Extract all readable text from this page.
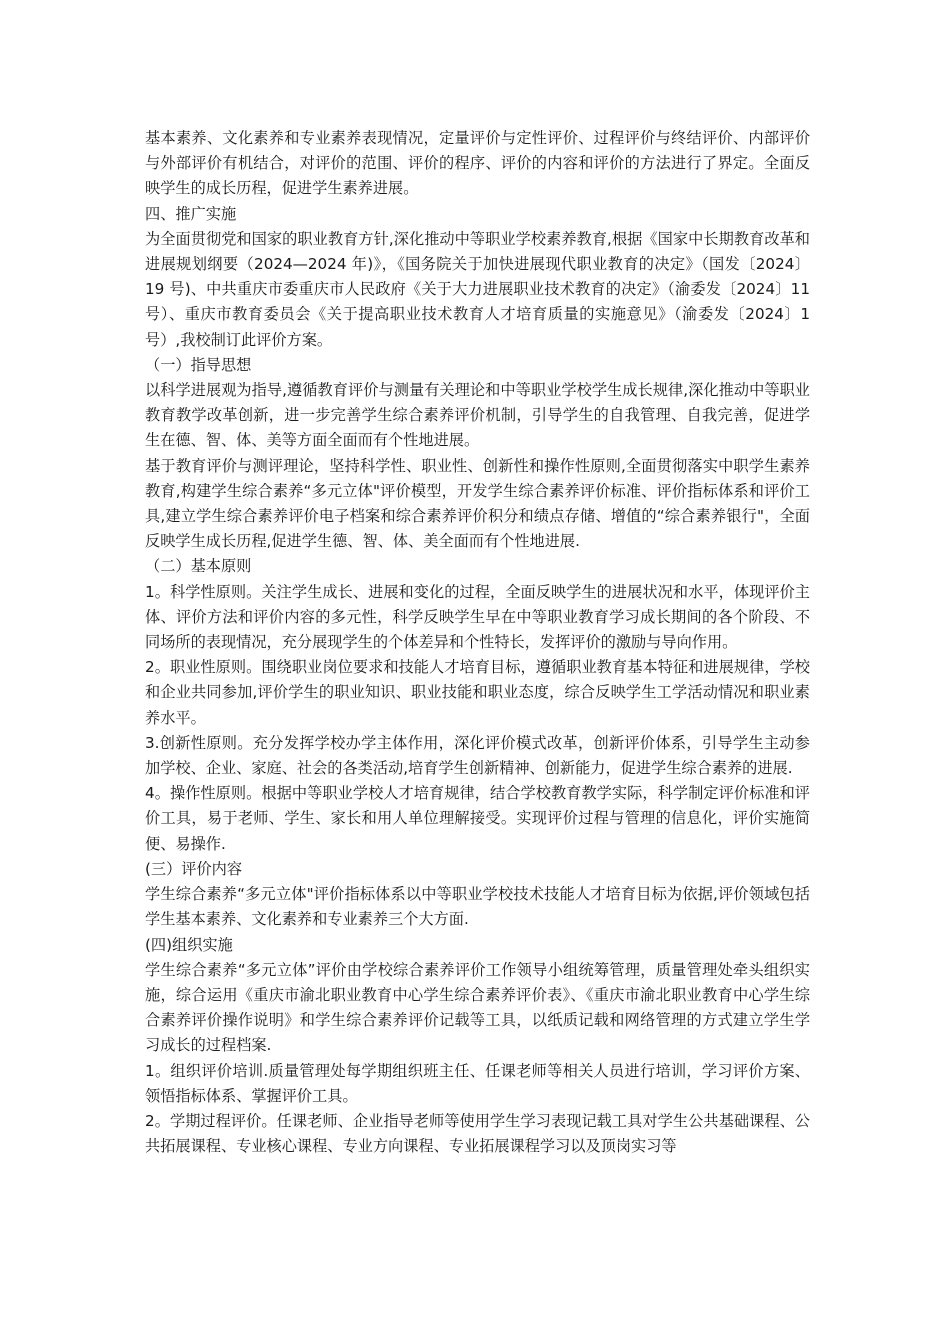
基本素养、文化素养和专业素养表现情况，定量评价与定性评价、过程评价与终结评价、内部评价与外部评价有机结合，对评价的范围、评价的程序、评价的内容和评价的方法进行了界定。全面反映学生的成长历程，促进学生素养进展。

四、推广实施

为全面贯彻党和国家的职业教育方针,深化推动中等职业学校素养教育,根据《国家中长期教育改革和进展规划纲要（2024—2024 年)》，《国务院关于加快进展现代职业教育的决定》（国发〔2024〕19 号)、中共重庆市委重庆市人民政府《关于大力进展职业技术教育的决定》（渝委发〔2024〕11 号）、重庆市教育委员会《关于提高职业技术教育人才培育质量的实施意见》（渝委发〔2024〕1 号）,我校制订此评价方案。

（一）指导思想

以科学进展观为指导,遵循教育评价与测量有关理论和中等职业学校学生成长规律,深化推动中等职业教育教学改革创新，进一步完善学生综合素养评价机制，引导学生的自我管理、自我完善，促进学生在德、智、体、美等方面全面而有个性地进展。

基于教育评价与测评理论，坚持科学性、职业性、创新性和操作性原则,全面贯彻落实中职学生素养教育,构建学生综合素养“多元立体"评价模型，开发学生综合素养评价标准、评价指标体系和评价工具,建立学生综合素养评价电子档案和综合素养评价积分和绩点存储、增值的“综合素养银行"，全面反映学生成长历程,促进学生德、智、体、美全面而有个性地进展.

（二）基本原则

1。科学性原则。关注学生成长、进展和变化的过程，全面反映学生的进展状况和水平，体现评价主体、评价方法和评价内容的多元性，科学反映学生早在中等职业教育学习成长期间的各个阶段、不同场所的表现情况，充分展现学生的个体差异和个性特长，发挥评价的激励与导向作用。

2。职业性原则。围绕职业岗位要求和技能人才培育目标，遵循职业教育基本特征和进展规律，学校和企业共同参加,评价学生的职业知识、职业技能和职业态度，综合反映学生工学活动情况和职业素养水平。

3.创新性原则。充分发挥学校办学主体作用，深化评价模式改革，创新评价体系，引导学生主动参加学校、企业、家庭、社会的各类活动,培育学生创新精神、创新能力，促进学生综合素养的进展.

4。操作性原则。根据中等职业学校人才培育规律，结合学校教育教学实际，科学制定评价标准和评价工具，易于老师、学生、家长和用人单位理解接受。实现评价过程与管理的信息化，评价实施简便、易操作.

(三）评价内容

学生综合素养“多元立体"评价指标体系以中等职业学校技术技能人才培育目标为依据,评价领域包括学生基本素养、文化素养和专业素养三个大方面.

(四)组织实施

学生综合素养“多元立体”评价由学校综合素养评价工作领导小组统筹管理，质量管理处牵头组织实施，综合运用《重庆市渝北职业教育中心学生综合素养评价表》、《重庆市渝北职业教育中心学生综合素养评价操作说明》和学生综合素养评价记载等工具，以纸质记载和网络管理的方式建立学生学习成长的过程档案.

1。组织评价培训.质量管理处每学期组织班主任、任课老师等相关人员进行培训，学习评价方案、领悟指标体系、掌握评价工具。

2。学期过程评价。任课老师、企业指导老师等使用学生学习表现记载工具对学生公共基础课程、公共拓展课程、专业核心课程、专业方向课程、专业拓展课程学习以及顶岗实习等
